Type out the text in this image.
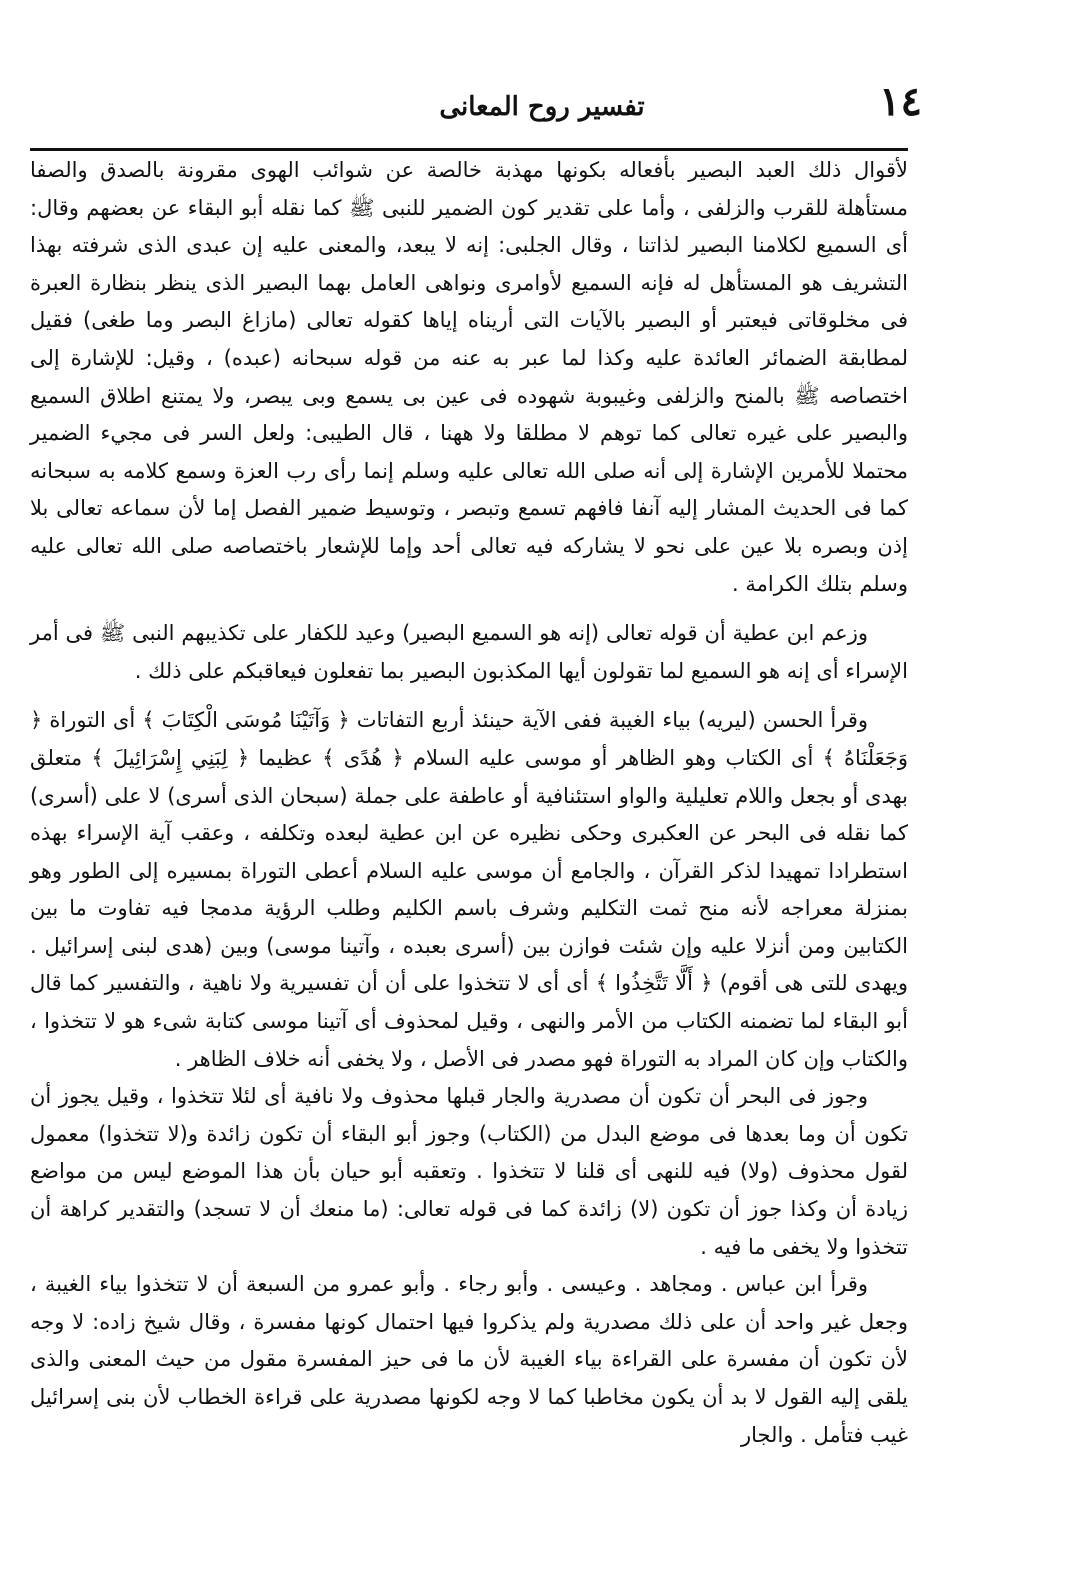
١٤
تفسير روح المعانى

لأقوال ذلك العبد البصير بأفعاله بكونها مهذبة خالصة عن شوائب الهوى مقرونة بالصدق والصفا مستأهلة للقرب والزلفى ، وأما على تقدير كون الضمير للنبى ﷺ كما نقله أبو البقاء عن بعضهم وقال: أى السميع لكلامنا البصير لذاتنا ، وقال الجلبى: إنه لا يبعد، والمعنى عليه إن عبدى الذى شرفته بهذا التشريف هو المستأهل له فإنه السميع لأوامرى ونواهى العامل بهما البصير الذى ينظر بنظارة العبرة فى مخلوقاتى فيعتبر أو البصير بالآيات التى أريناه إياها كقوله تعالى (مازاغ البصر وما طغى) فقيل لمطابقة الضمائر العائدة عليه وكذا لما عبر به عنه من قوله سبحانه (عبده) ، وقيل: للإشارة إلى اختصاصه ﷺ بالمنح والزلفى وغيبوبة شهوده فى عين بى يسمع وبى يبصر، ولا يمتنع اطلاق السميع والبصير على غيره تعالى كما توهم لا مطلقا ولا ههنا ، قال الطيبى: ولعل السر فى مجيء الضمير محتملا للأمرين الإشارة إلى أنه صلى الله تعالى عليه وسلم إنما رأى رب العزة وسمع كلامه به سبحانه كما فى الحديث المشار إليه آنفا فافهم تسمع وتبصر ، وتوسيط ضمير الفصل إما لأن سماعه تعالى بلا إذن وبصره بلا عين على نحو لا يشاركه فيه تعالى أحد وإما للإشعار باختصاصه صلى الله تعالى عليه وسلم بتلك الكرامة .

وزعم ابن عطية أن قوله تعالى (إنه هو السميع البصير) وعيد للكفار على تكذيبهم النبى ﷺ فى أمر الإسراء أى إنه هو السميع لما تقولون أيها المكذبون البصير بما تفعلون فيعاقبكم على ذلك .

وقرأ الحسن (ليريه) بياء الغيبة ففى الآية حينئذ أربع التفاتات ﴿ وَآتَيْنَا مُوسَى الْكِتَابَ ﴾ أى التوراة ﴿ وَجَعَلْنَاهُ ﴾ أى الكتاب وهو الظاهر أو موسى عليه السلام ﴿ هُدًى ﴾ عظيما ﴿ لِبَنِي إِسْرَائِيلَ ﴾ متعلق بهدى أو بجعل واللام تعليلية والواو استئنافية أو عاطفة على جملة (سبحان الذى أسرى) لا على (أسرى) كما نقله فى البحر عن العكبرى وحكى نظيره عن ابن عطية لبعده وتكلفه ، وعقب آية الإسراء بهذه استطرادا تمهيدا لذكر القرآن ، والجامع أن موسى عليه السلام أعطى التوراة بمسيره إلى الطور وهو بمنزلة معراجه لأنه منح ثمت التكليم وشرف باسم الكليم وطلب الرؤية مدمجا فيه تفاوت ما بين الكتابين ومن أنزلا عليه وإن شئت فوازن بين (أسرى بعبده ، وآتينا موسى) وبين (هدى لبنى إسرائيل . ويهدى للتى هى أقوم) ﴿ أَلَّا تَتَّخِذُوا ﴾ أى أى لا تتخذوا على أن أن تفسيرية ولا ناهية ، والتفسير كما قال أبو البقاء لما تضمنه الكتاب من الأمر والنهى ، وقيل لمحذوف أى آتينا موسى كتابة شىء هو لا تتخذوا ، والكتاب وإن كان المراد به التوراة فهو مصدر فى الأصل ، ولا يخفى أنه خلاف الظاهر .

وجوز فى البحر أن تكون أن مصدرية والجار قبلها محذوف ولا نافية أى لئلا تتخذوا ، وقيل يجوز أن تكون أن وما بعدها فى موضع البدل من (الكتاب) وجوز أبو البقاء أن تكون زائدة و(لا تتخذوا) معمول لقول محذوف (ولا) فيه للنهى أى قلنا لا تتخذوا . وتعقبه أبو حيان بأن هذا الموضع ليس من مواضع زيادة أن وكذا جوز أن تكون (لا) زائدة كما فى قوله تعالى: (ما منعك أن لا تسجد) والتقدير كراهة أن تتخذوا ولا يخفى ما فيه .

وقرأ ابن عباس . ومجاهد . وعيسى . وأبو رجاء . وأبو عمرو من السبعة أن لا تتخذوا بياء الغيبة ، وجعل غير واحد أن على ذلك مصدرية ولم يذكروا فيها احتمال كونها مفسرة ، وقال شيخ زاده: لا وجه لأن تكون أن مفسرة على القراءة بياء الغيبة لأن ما فى حيز المفسرة مقول من حيث المعنى والذى يلقى إليه القول لا بد أن يكون مخاطبا كما لا وجه لكونها مصدرية على قراءة الخطاب لأن بنى إسرائيل غيب فتأمل . والجار
